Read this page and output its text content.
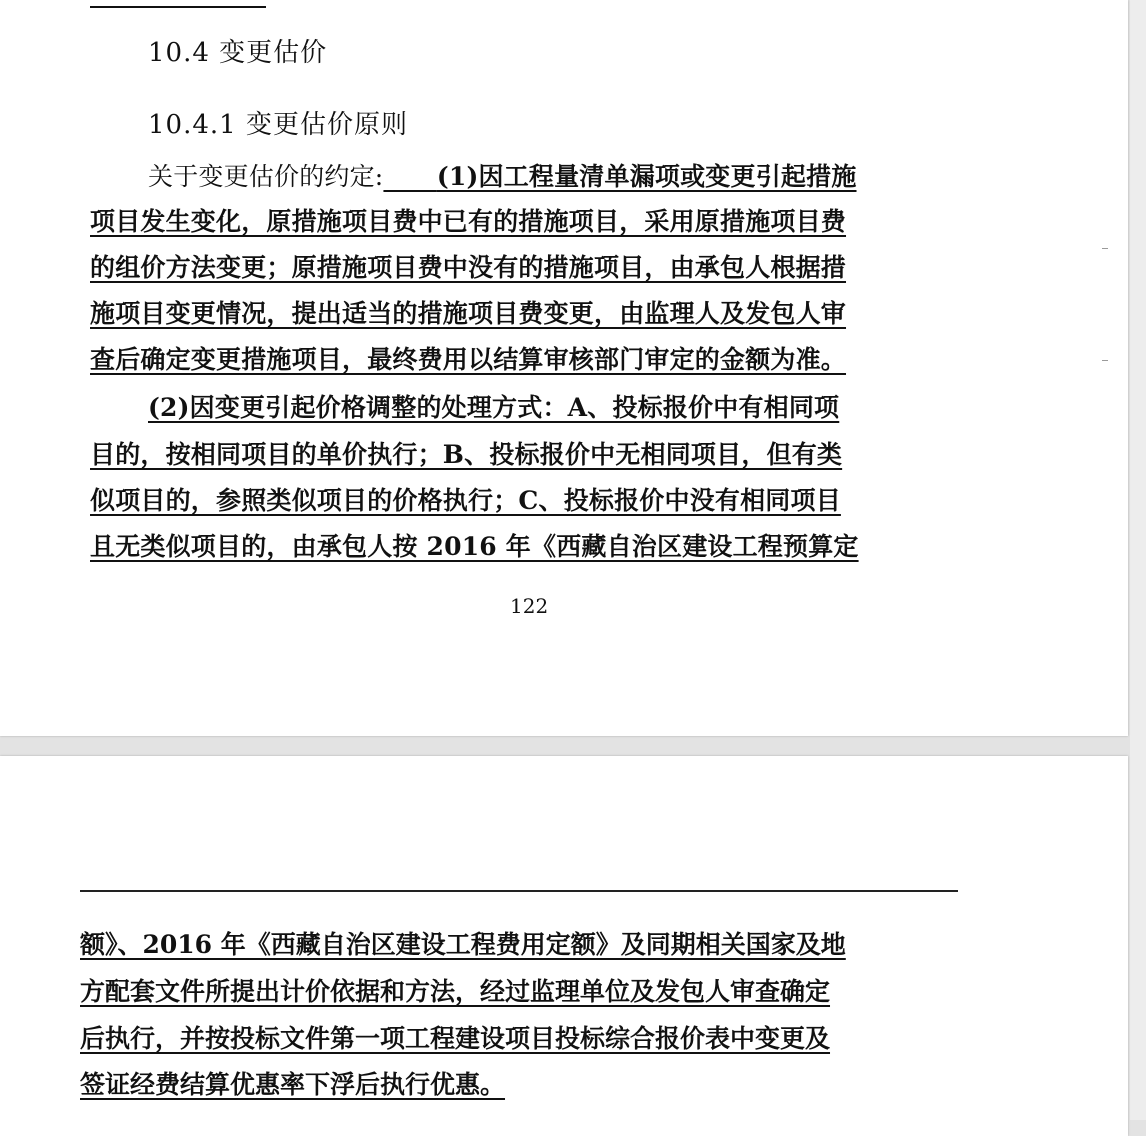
10.4 变更估价
10.4.1 变更估价原则
关于变更估价的约定: (1)因工程量清单漏项或变更引起措施
项目发生变化，原措施项目费中已有的措施项目，采用原措施项目费
的组价方法变更；原措施项目费中没有的措施项目，由承包人根据措
施项目变更情况，提出适当的措施项目费变更，由监理人及发包人审
查后确定变更措施项目，最终费用以结算审核部门审定的金额为准。
(2)因变更引起价格调整的处理方式：A、投标报价中有相同项
目的，按相同项目的单价执行；B、投标报价中无相同项目，但有类
似项目的，参照类似项目的价格执行；C、投标报价中没有相同项目
且无类似项目的，由承包人按 2016 年《西藏自治区建设工程预算定
122
额》、2016 年《西藏自治区建设工程费用定额》及同期相关国家及地
方配套文件所提出计价依据和方法，经过监理单位及发包人审查确定
后执行，并按投标文件第一项工程建设项目投标综合报价表中变更及
签证经费结算优惠率下浮后执行优惠。
